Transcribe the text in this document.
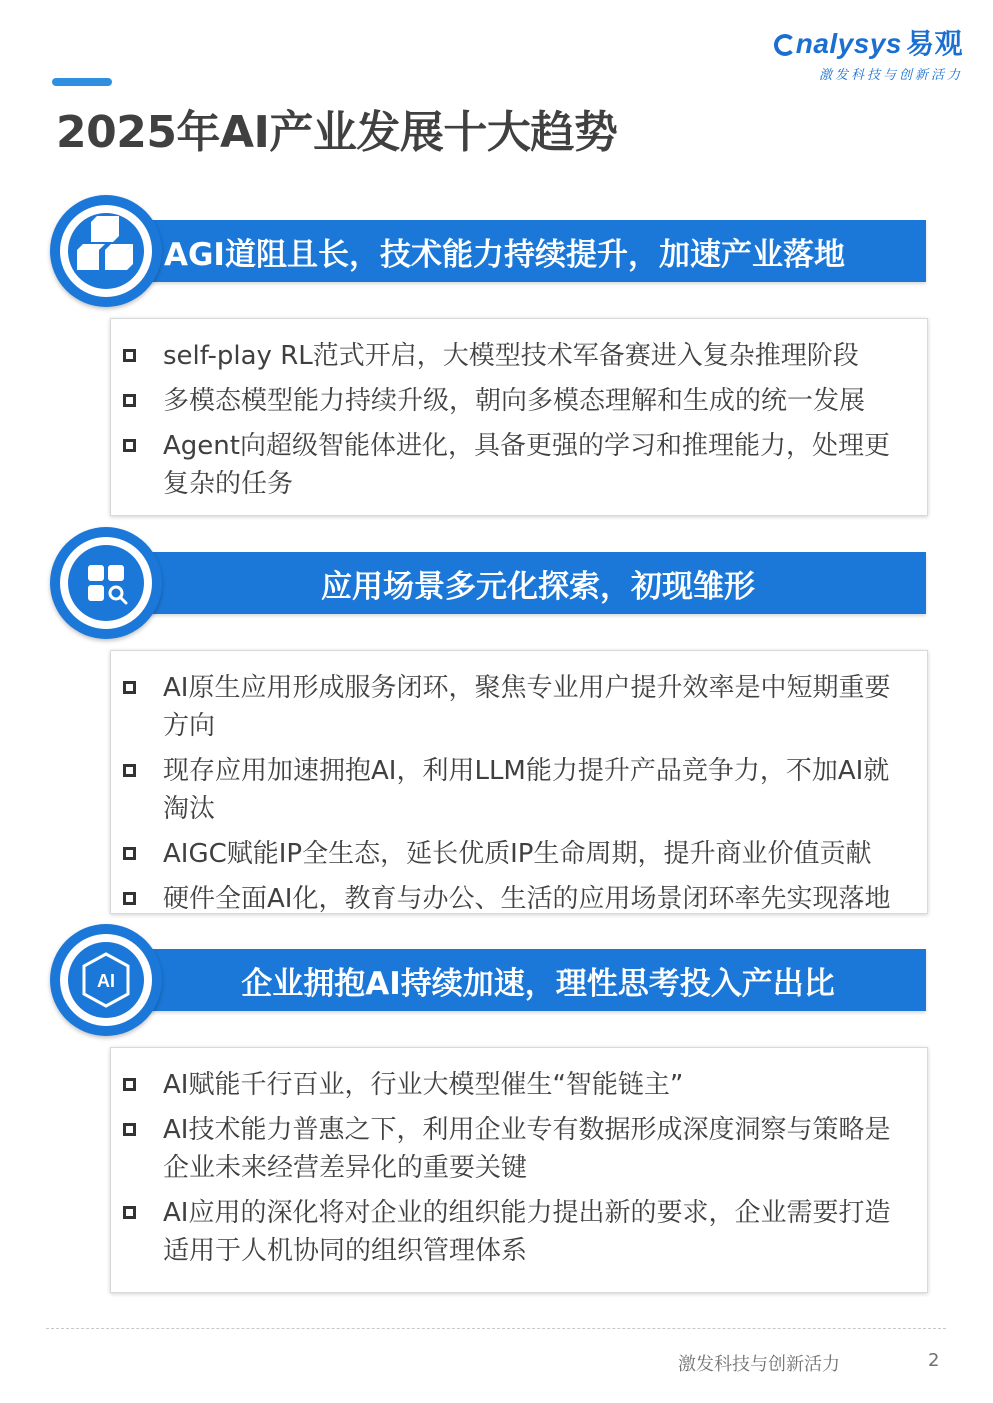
2025年AI产业发展十大趋势
nalysys 易观
激发科技与创新活力
AGI道阻且长，技术能力持续提升，加速产业落地
self-play RL范式开启，大模型技术军备赛进入复杂推理阶段
多模态模型能力持续升级，朝向多模态理解和生成的统一发展
Agent向超级智能体进化，具备更强的学习和推理能力，处理更复杂的任务
应用场景多元化探索，初现雏形
AI原生应用形成服务闭环，聚焦专业用户提升效率是中短期重要方向
现存应用加速拥抱AI，利用LLM能力提升产品竞争力，不加AI就淘汰
AIGC赋能IP全生态，延长优质IP生命周期，提升商业价值贡献
硬件全面AI化，教育与办公、生活的应用场景闭环率先实现落地
企业拥抱AI持续加速，理性思考投入产出比
AI
AI赋能千行百业，行业大模型催生“智能链主”
AI技术能力普惠之下，利用企业专有数据形成深度洞察与策略是企业未来经营差异化的重要关键
AI应用的深化将对企业的组织能力提出新的要求，企业需要打造适用于人机协同的组织管理体系
激发科技与创新活力	2
